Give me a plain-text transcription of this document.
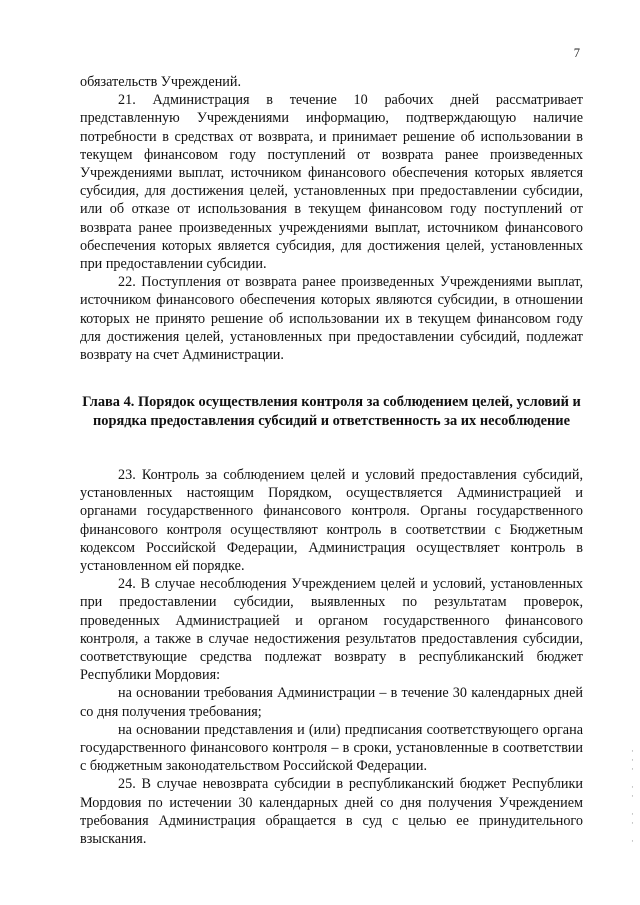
7

обязательств Учреждений.

21. Администрация в течение 10 рабочих дней рассматривает представленную Учреждениями информацию, подтверждающую наличие потребности в средствах от возврата, и принимает решение об использовании в текущем финансовом году поступлений от возврата ранее произведенных Учреждениями выплат, источником финансового обеспечения которых является субсидия, для достижения целей, установленных при предоставлении субсидии, или об отказе от использования в текущем финансовом году поступлений от возврата ранее произведенных учреждениями выплат, источником финансового обеспечения которых является субсидия, для достижения целей, установленных при предоставлении субсидии.

22. Поступления от возврата ранее произведенных Учреждениями выплат, источником финансового обеспечения которых являются субсидии, в отношении которых не принято решение об использовании их в текущем финансовом году для достижения целей, установленных при предоставлении субсидий, подлежат возврату на счет Администрации.

Глава 4. Порядок осуществления контроля за соблюдением целей, условий и порядка предоставления субсидий и ответственность за их несоблюдение

23. Контроль за соблюдением целей и условий предоставления субсидий, установленных настоящим Порядком, осуществляется Администрацией и органами государственного финансового контроля. Органы государственного финансового контроля осуществляют контроль в соответствии с Бюджетным кодексом Российской Федерации, Администрация осуществляет контроль в установленном ей порядке.

24. В случае несоблюдения Учреждением целей и условий, установленных при предоставлении субсидии, выявленных по результатам проверок, проведенных Администрацией и органом государственного финансового контроля, а также в случае недостижения результатов предоставления субсидии, соответствующие средства подлежат возврату в республиканский бюджет Республики Мордовия:

на основании требования Администрации – в течение 30 календарных дней со дня получения требования;

на основании представления и (или) предписания соответствующего органа государственного финансового контроля – в сроки, установленные в соответствии с бюджетным законодательством Российской Федерации.

25. В случае невозврата субсидии в республиканский бюджет Республики Мордовия по истечении 30 календарных дней со дня получения Учреждением требования Администрация обращается в суд с целью ее принудительного взыскания.

·
·
·

·
·

·
·

·
